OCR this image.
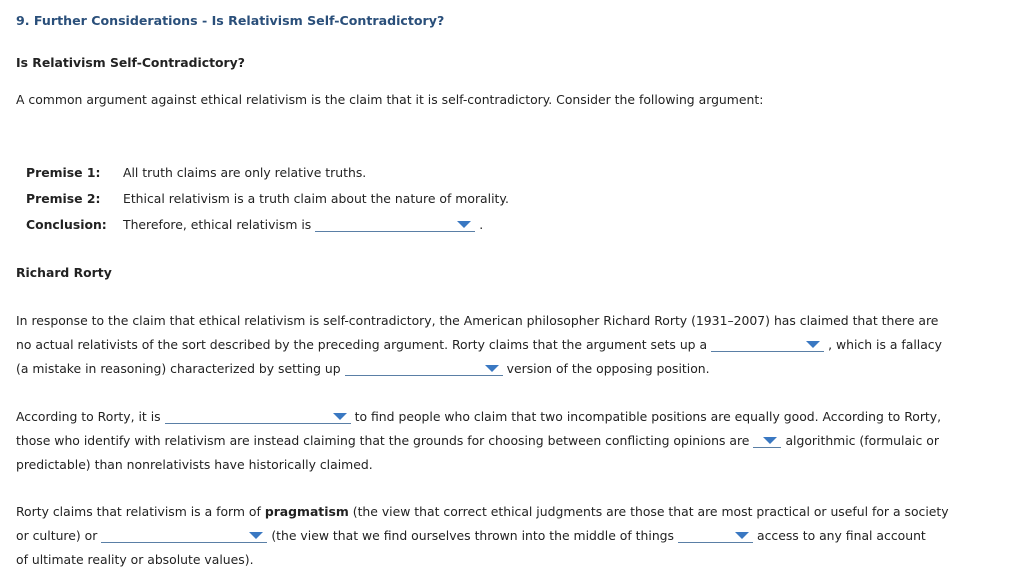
9. Further Considerations - Is Relativism Self-Contradictory?
Is Relativism Self-Contradictory?
A common argument against ethical relativism is the claim that it is self-contradictory. Consider the following argument:
Premise 1: All truth claims are only relative truths.
Premise 2: Ethical relativism is a truth claim about the nature of morality.
Conclusion: Therefore, ethical relativism is	.
Richard Rorty
In response to the claim that ethical relativism is self-contradictory, the American philosopher Richard Rorty (1931–2007) has claimed that there are
no actual relativists of the sort described by the preceding argument. Rorty claims that the argument sets up a	, which is a fallacy
(a mistake in reasoning) characterized by setting up	version of the opposing position.
According to Rorty, it is	to find people who claim that two incompatible positions are equally good. According to Rorty,
those who identify with relativism are instead claiming that the grounds for choosing between conflicting opinions are	algorithmic (formulaic or
predictable) than nonrelativists have historically claimed.
Rorty claims that relativism is a form of pragmatism (the view that correct ethical judgments are those that are most practical or useful for a society
or culture) or	(the view that we find ourselves thrown into the middle of things	access to any final account
of ultimate reality or absolute values).
